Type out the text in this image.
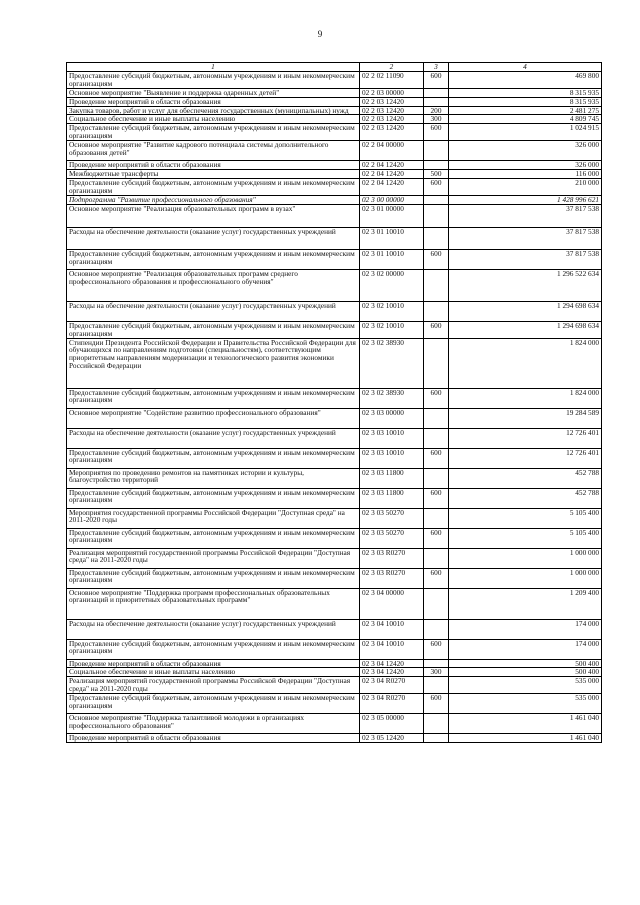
9
1	2	3	4
Предоставление субсидий бюджетным, автономным учреждениям и иным некоммерческим организациям	02 2 02 11090	600	469 800
Основное мероприятие "Выявление и поддержка одаренных детей"	02 2 03 00000		8 315 935
Проведение мероприятий в области образования	02 2 03 12420		8 315 935
Закупка товаров, работ и услуг для обеспечения государственных (муниципальных) нужд	02 2 03 12420	200	2 481 275
Социальное обеспечение и иные выплаты населению	02 2 03 12420	300	4 809 745
Предоставление субсидий бюджетным, автономным учреждениям и иным некоммерческим организациям	02 2 03 12420	600	1 024 915
Основное мероприятие "Развитие кадрового потенциала системы дополнительного образования детей"	02 2 04 00000		326 000
Проведение мероприятий в области образования	02 2 04 12420		326 000
Межбюджетные трансферты	02 2 04 12420	500	116 000
Предоставление субсидий бюджетным, автономным учреждениям и иным некоммерческим организациям	02 2 04 12420	600	210 000
Подпрограмма "Развитие профессионального образования"	02 3 00 00000		1 428 996 621
Основное мероприятие "Реализация образовательных программ в вузах"	02 3 01 00000		37 817 538
Расходы на обеспечение деятельности (оказание услуг) государственных учреждений	02 3 01 10010		37 817 538
Предоставление субсидий бюджетным, автономным учреждениям и иным некоммерческим организациям	02 3 01 10010	600	37 817 538
Основное мероприятие "Реализация образовательных программ среднего профессионального образования и профессионального обучения"	02 3 02 00000		1 296 522 634
Расходы на обеспечение деятельности (оказание услуг) государственных учреждений	02 3 02 10010		1 294 698 634
Предоставление субсидий бюджетным, автономным учреждениям и иным некоммерческим организациям	02 3 02 10010	600	1 294 698 634
Стипендии Президента Российской Федерации и Правительства Российской Федерации для обучающихся по направлениям подготовки (специальностям), соответствующим приоритетным направлениям модернизации и технологического развития экономики Российской Федерации	02 3 02 38930		1 824 000
Предоставление субсидий бюджетным, автономным учреждениям и иным некоммерческим организациям	02 3 02 38930	600	1 824 000
Основное мероприятие "Содействие развитию профессионального образования"	02 3 03 00000		19 284 589
Расходы на обеспечение деятельности (оказание услуг) государственных учреждений	02 3 03 10010		12 726 401
Предоставление субсидий бюджетным, автономным учреждениям и иным некоммерческим организациям	02 3 03 10010	600	12 726 401
Мероприятия по проведению ремонтов на памятниках истории и культуры, благоустройство территорий	02 3 03 11800		452 788
Предоставление субсидий бюджетным, автономным учреждениям и иным некоммерческим организациям	02 3 03 11800	600	452 788
Мероприятия государственной программы Российской Федерации "Доступная среда" на 2011-2020 годы	02 3 03 50270		5 105 400
Предоставление субсидий бюджетным, автономным учреждениям и иным некоммерческим организациям	02 3 03 50270	600	5 105 400
Реализация мероприятий государственной программы Российской Федерации "Доступная среда" на 2011-2020 годы	02 3 03 R0270		1 000 000
Предоставление субсидий бюджетным, автономным учреждениям и иным некоммерческим организациям	02 3 03 R0270	600	1 000 000
Основное мероприятие "Поддержка программ профессиональных образовательных организаций и приоритетных образовательных программ"	02 3 04 00000		1 209 400
Расходы на обеспечение деятельности (оказание услуг) государственных учреждений	02 3 04 10010		174 000
Предоставление субсидий бюджетным, автономным учреждениям и иным некоммерческим организациям	02 3 04 10010	600	174 000
Проведение мероприятий в области образования	02 3 04 12420		500 400
Социальное обеспечение и иные выплаты населению	02 3 04 12420	300	500 400
Реализация мероприятий государственной программы Российской Федерации "Доступная среда" на 2011-2020 годы	02 3 04 R0270		535 000
Предоставление субсидий бюджетным, автономным учреждениям и иным некоммерческим организациям	02 3 04 R0270	600	535 000
Основное мероприятие "Поддержка талантливой молодежи в организациях профессионального образования"	02 3 05 00000		1 461 040
Проведение мероприятий в области образования	02 3 05 12420		1 461 040
